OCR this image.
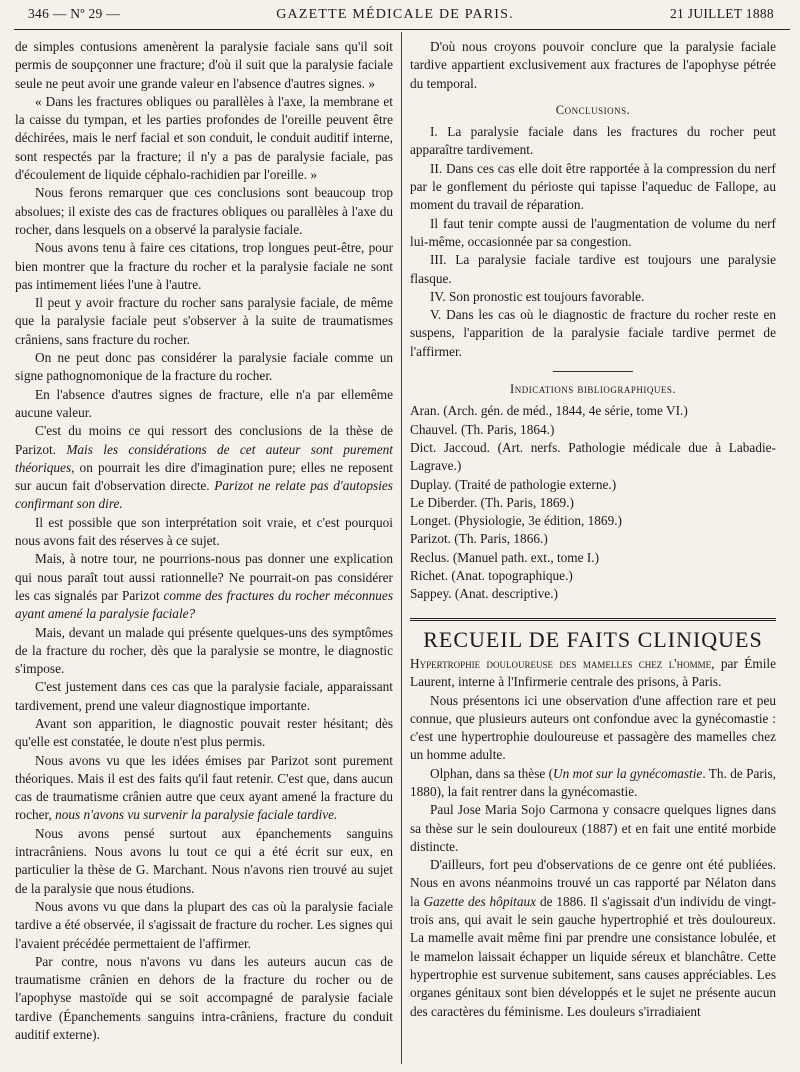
346 — Nº 29 —	GAZETTE MÉDICALE DE PARIS.	21 JUILLET 1888

de simples contusions amenèrent la paralysie faciale sans qu'il soit permis de soupçonner une fracture; d'où il suit que la paralysie faciale seule ne peut avoir une grande valeur en l'absence d'autres signes. »

« Dans les fractures obliques ou parallèles à l'axe, la membrane et la caisse du tympan, et les parties profondes de l'oreille peuvent être déchirées, mais le nerf facial et son conduit, le conduit auditif interne, sont respectés par la fracture; il n'y a pas de paralysie faciale, pas d'écoulement de liquide céphalo-rachidien par l'oreille. »

Nous ferons remarquer que ces conclusions sont beaucoup trop absolues; il existe des cas de fractures obliques ou parallèles à l'axe du rocher, dans lesquels on a observé la paralysie faciale.

Nous avons tenu à faire ces citations, trop longues peut-être, pour bien montrer que la fracture du rocher et la paralysie faciale ne sont pas intimement liées l'une à l'autre.

Il peut y avoir fracture du rocher sans paralysie faciale, de même que la paralysie faciale peut s'observer à la suite de traumatismes crâniens, sans fracture du rocher.

On ne peut donc pas considérer la paralysie faciale comme un signe pathognomonique de la fracture du rocher.

En l'absence d'autres signes de fracture, elle n'a par ellemême aucune valeur.

C'est du moins ce qui ressort des conclusions de la thèse de Parizot. Mais les considérations de cet auteur sont purement théoriques, on pourrait les dire d'imagination pure; elles ne reposent sur aucun fait d'observation directe. Parizot ne relate pas d'autopsies confirmant son dire.

Il est possible que son interprétation soit vraie, et c'est pourquoi nous avons fait des réserves à ce sujet.

Mais, à notre tour, ne pourrions-nous pas donner une explication qui nous paraît tout aussi rationnelle? Ne pourrait-on pas considérer les cas signalés par Parizot comme des fractures du rocher méconnues ayant amené la paralysie faciale?

Mais, devant un malade qui présente quelques-uns des symptômes de la fracture du rocher, dès que la paralysie se montre, le diagnostic s'impose.

C'est justement dans ces cas que la paralysie faciale, apparaissant tardivement, prend une valeur diagnostique importante.

Avant son apparition, le diagnostic pouvait rester hésitant; dès qu'elle est constatée, le doute n'est plus permis.

Nous avons vu que les idées émises par Parizot sont purement théoriques. Mais il est des faits qu'il faut retenir. C'est que, dans aucun cas de traumatisme crânien autre que ceux ayant amené la fracture du rocher, nous n'avons vu survenir la paralysie faciale tardive.

Nous avons pensé surtout aux épanchements sanguins intracrâniens. Nous avons lu tout ce qui a été écrit sur eux, en particulier la thèse de G. Marchant. Nous n'avons rien trouvé au sujet de la paralysie que nous étudions.

Nous avons vu que dans la plupart des cas où la paralysie faciale tardive a été observée, il s'agissait de fracture du rocher. Les signes qui l'avaient précédée permettaient de l'affirmer.

Par contre, nous n'avons vu dans les auteurs aucun cas de traumatisme crânien en dehors de la fracture du rocher ou de l'apophyse mastoïde qui se soit accompagné de paralysie faciale tardive (Épanchements sanguins intra-crâniens, fracture du conduit auditif externe).

D'où nous croyons pouvoir conclure que la paralysie faciale tardive appartient exclusivement aux fractures de l'apophyse pétrée du temporal.

Conclusions.

I. La paralysie faciale dans les fractures du rocher peut apparaître tardivement.

II. Dans ces cas elle doit être rapportée à la compression du nerf par le gonflement du périoste qui tapisse l'aqueduc de Fallope, au moment du travail de réparation.

Il faut tenir compte aussi de l'augmentation de volume du nerf lui-même, occasionnée par sa congestion.

III. La paralysie faciale tardive est toujours une paralysie flasque.

IV. Son pronostic est toujours favorable.

V. Dans les cas où le diagnostic de fracture du rocher reste en suspens, l'apparition de la paralysie faciale tardive permet de l'affirmer.

Indications bibliographiques.

Aran. (Arch. gén. de méd., 1844, 4e série, tome VI.)

Chauvel. (Th. Paris, 1864.)

Dict. Jaccoud. (Art. nerfs. Pathologie médicale due à Labadie-Lagrave.)

Duplay. (Traité de pathologie externe.)

Le Diberder. (Th. Paris, 1869.)

Longet. (Physiologie, 3e édition, 1869.)

Parizot. (Th. Paris, 1866.)

Reclus. (Manuel path. ext., tome I.)

Richet. (Anat. topographique.)

Sappey. (Anat. descriptive.)

RECUEIL DE FAITS CLINIQUES

Hypertrophie douloureuse des mamelles chez l'homme, par Émile Laurent, interne à l'Infirmerie centrale des prisons, à Paris.

Nous présentons ici une observation d'une affection rare et peu connue, que plusieurs auteurs ont confondue avec la gynécomastie : c'est une hypertrophie douloureuse et passagère des mamelles chez un homme adulte.

Olphan, dans sa thèse (Un mot sur la gynécomastie. Th. de Paris, 1880), la fait rentrer dans la gynécomastie.

Paul Jose Maria Sojo Carmona y consacre quelques lignes dans sa thèse sur le sein douloureux (1887) et en fait une entité morbide distincte.

D'ailleurs, fort peu d'observations de ce genre ont été publiées. Nous en avons néanmoins trouvé un cas rapporté par Nélaton dans la Gazette des hôpitaux de 1886. Il s'agissait d'un individu de vingt-trois ans, qui avait le sein gauche hypertrophié et très douloureux. La mamelle avait même fini par prendre une consistance lobulée, et le mamelon laissait échapper un liquide séreux et blanchâtre. Cette hypertrophie est survenue subitement, sans causes appréciables. Les organes génitaux sont bien développés et le sujet ne présente aucun des caractères du féminisme. Les douleurs s'irradiaient
